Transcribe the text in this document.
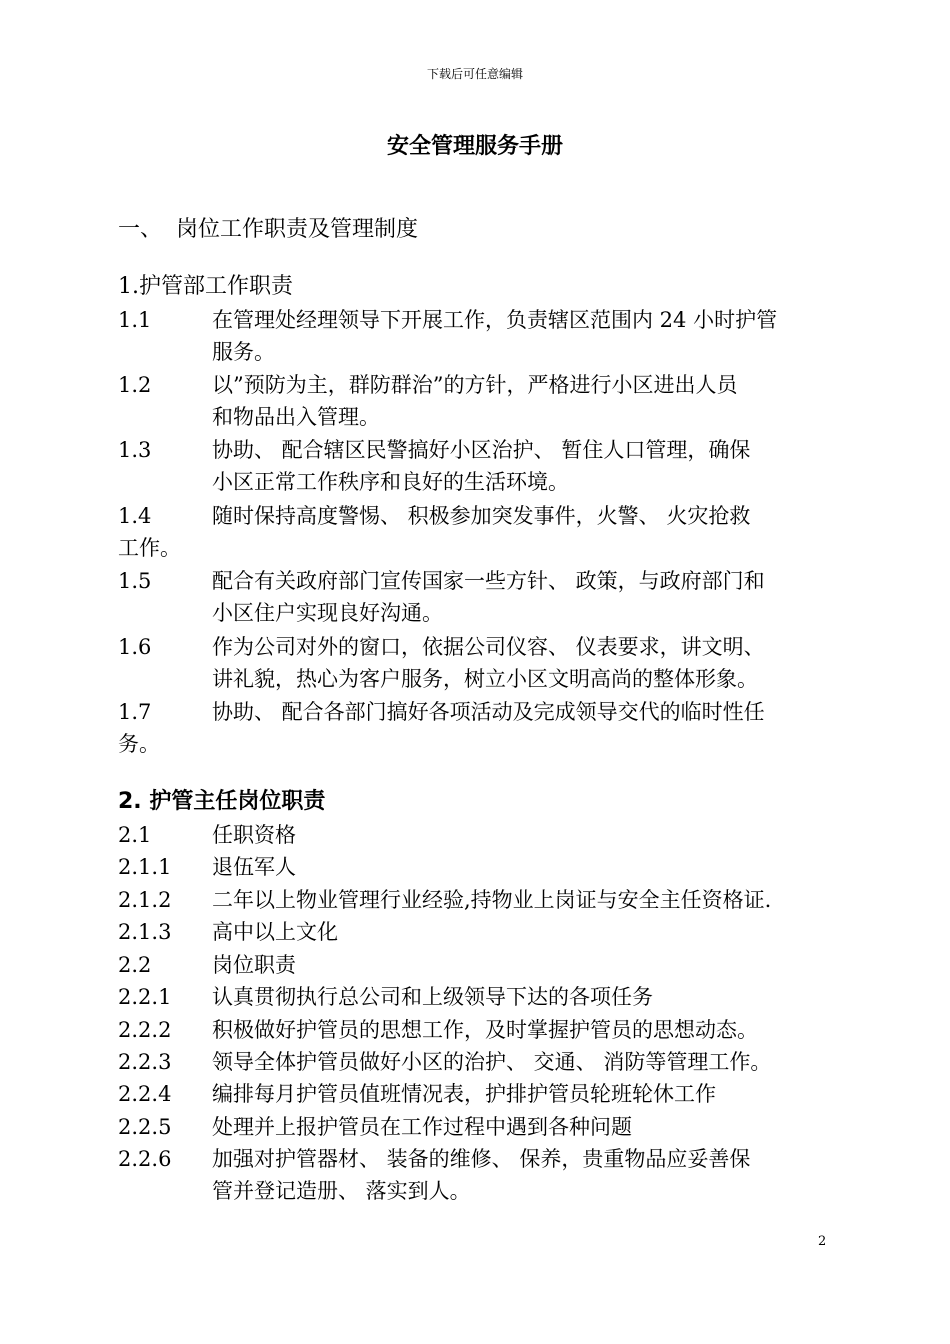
下载后可任意编辑
安全管理服务手册
一、 岗位工作职责及管理制度
1.护管部工作职责
1.1	在管理处经理领导下开展工作，负责辖区范围内 24 小时护管
服务。
1.2	以”预防为主，群防群治”的方针，严格进行小区进出人员
和物品出入管理。
1.3	协助、 配合辖区民警搞好小区治护、 暂住人口管理，确保
小区正常工作秩序和良好的生活环境。
1.4	随时保持高度警惕、 积极参加突发事件，火警、 火灾抢救
工作。
1.5	配合有关政府部门宣传国家一些方针、 政策，与政府部门和
小区住户实现良好沟通。
1.6	作为公司对外的窗口，依据公司仪容、 仪表要求，讲文明、
讲礼貌，热心为客户服务，树立小区文明高尚的整体形象。
1.7	协助、 配合各部门搞好各项活动及完成领导交代的临时性任
务。
2. 护管主任岗位职责
2.1	任职资格
2.1.1 退伍军人
2.1.2 二年以上物业管理行业经验,持物业上岗证与安全主任资格证.
2.1.3 高中以上文化
2.2	岗位职责
2.2.1 认真贯彻执行总公司和上级领导下达的各项任务
2.2.2 积极做好护管员的思想工作，及时掌握护管员的思想动态。
2.2.3 领导全体护管员做好小区的治护、 交通、 消防等管理工作。
2.2.4 编排每月护管员值班情况表，护排护管员轮班轮休工作
2.2.5 处理并上报护管员在工作过程中遇到各种问题
2.2.6 加强对护管器材、 装备的维修、 保养，贵重物品应妥善保
管并登记造册、 落实到人。
2
